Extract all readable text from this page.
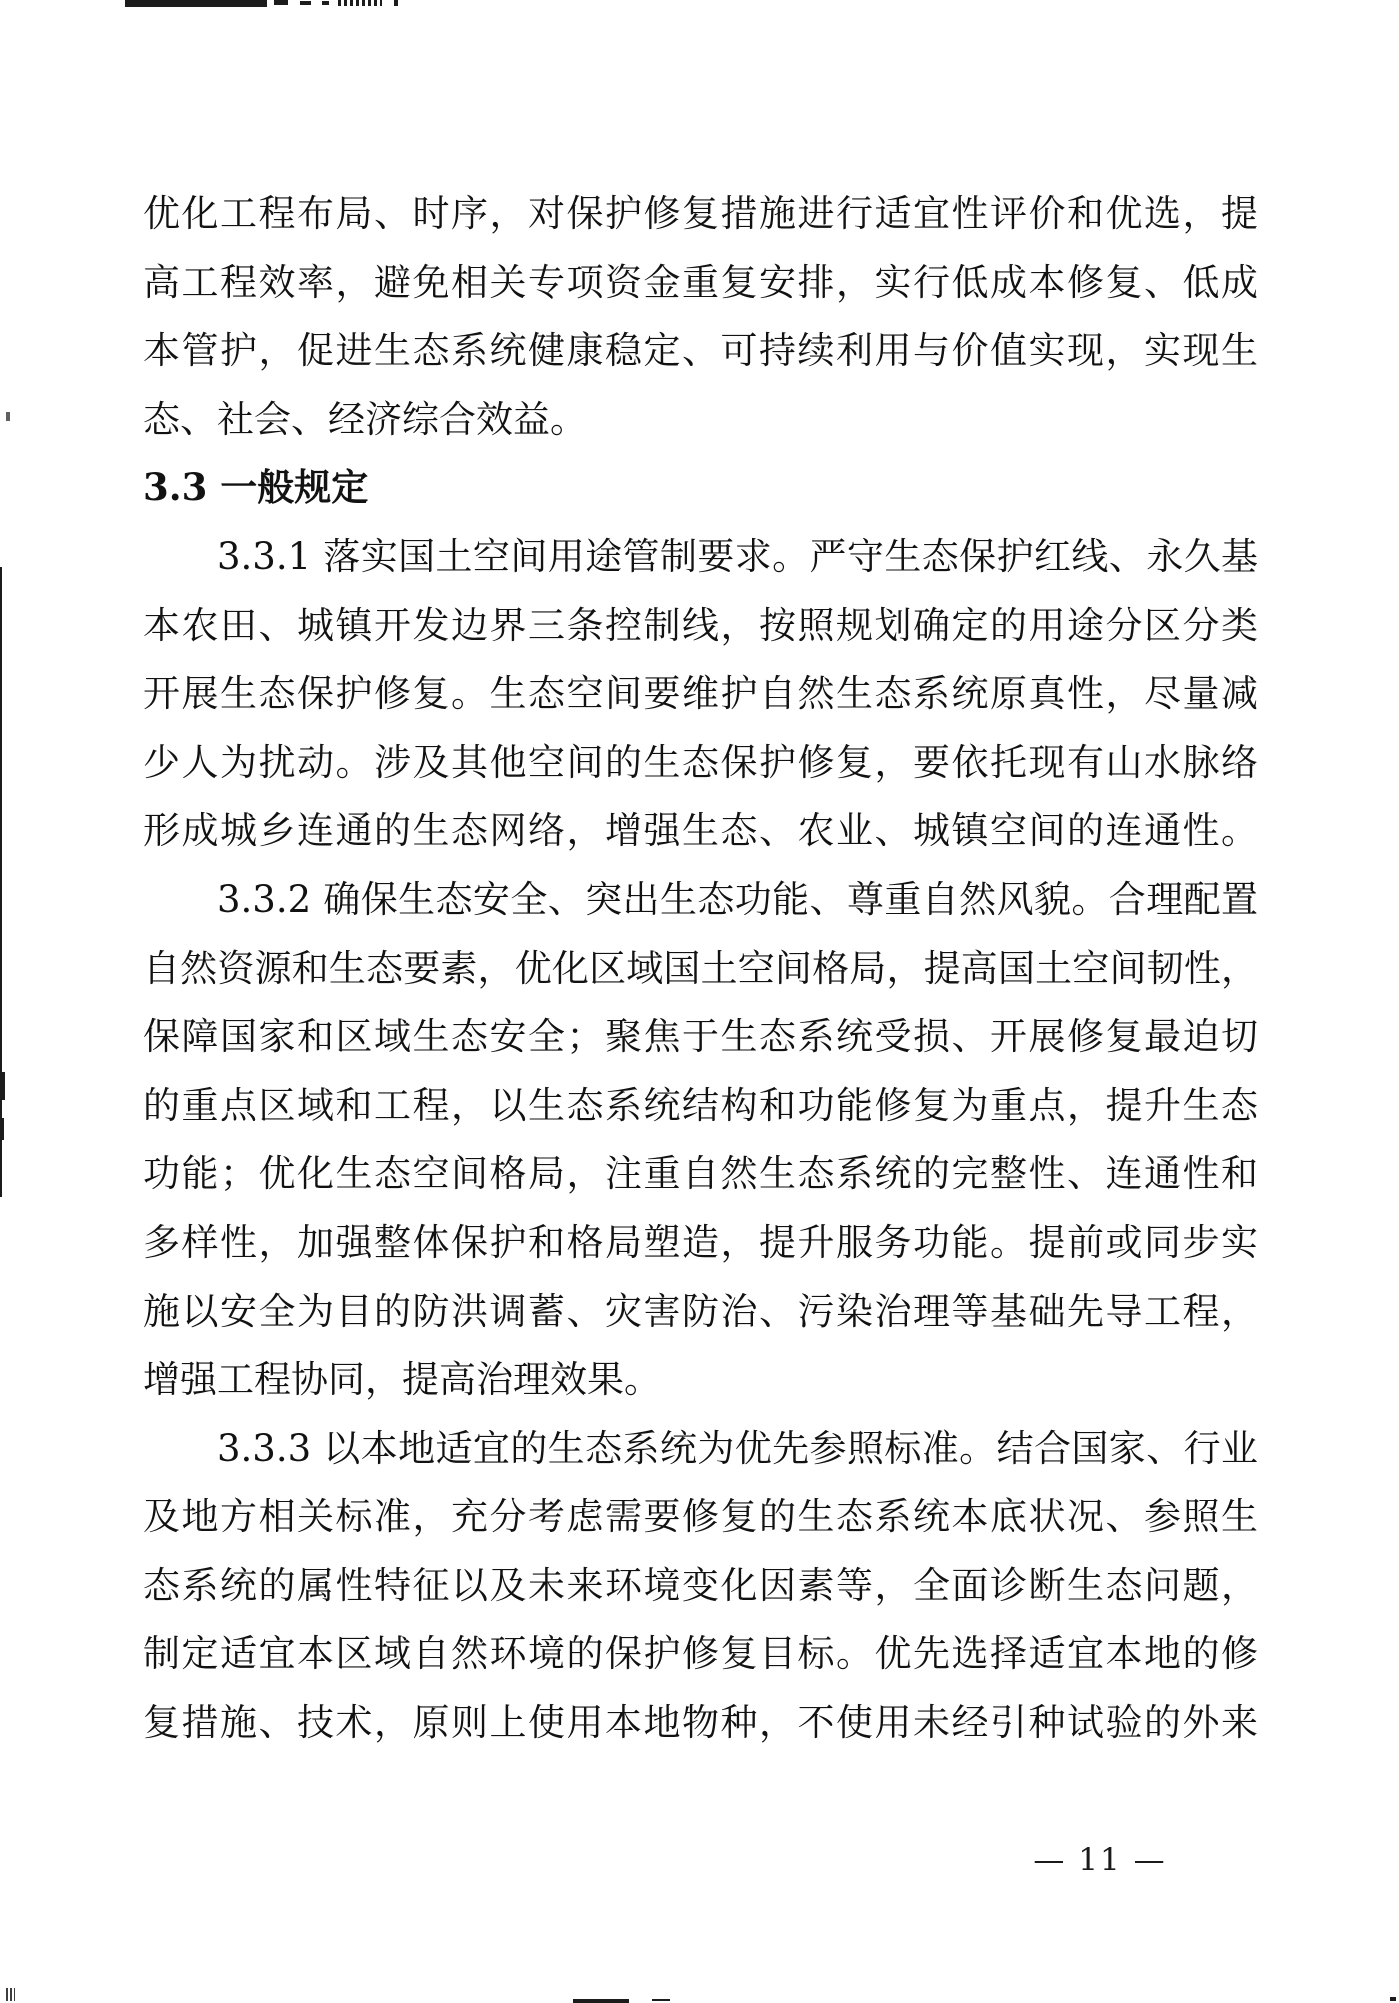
优化工程布局、时序，对保护修复措施进行适宜性评价和优选，提
高工程效率，避免相关专项资金重复安排，实行低成本修复、低成
本管护，促进生态系统健康稳定、可持续利用与价值实现，实现生
态、社会、经济综合效益。
3.3 一般规定
3.3.1 落实国土空间用途管制要求。严守生态保护红线、永久基
本农田、城镇开发边界三条控制线，按照规划确定的用途分区分类
开展生态保护修复。生态空间要维护自然生态系统原真性，尽量减
少人为扰动。涉及其他空间的生态保护修复，要依托现有山水脉络
形成城乡连通的生态网络，增强生态、农业、城镇空间的连通性。
3.3.2 确保生态安全、突出生态功能、尊重自然风貌。合理配置
自然资源和生态要素，优化区域国土空间格局，提高国土空间韧性，
保障国家和区域生态安全；聚焦于生态系统受损、开展修复最迫切
的重点区域和工程，以生态系统结构和功能修复为重点，提升生态
功能；优化生态空间格局，注重自然生态系统的完整性、连通性和
多样性，加强整体保护和格局塑造，提升服务功能。提前或同步实
施以安全为目的防洪调蓄、灾害防治、污染治理等基础先导工程，
增强工程协同，提高治理效果。
3.3.3 以本地适宜的生态系统为优先参照标准。结合国家、行业
及地方相关标准，充分考虑需要修复的生态系统本底状况、参照生
态系统的属性特征以及未来环境变化因素等，全面诊断生态问题，
制定适宜本区域自然环境的保护修复目标。优先选择适宜本地的修
复措施、技术，原则上使用本地物种，不使用未经引种试验的外来
— 11 —
